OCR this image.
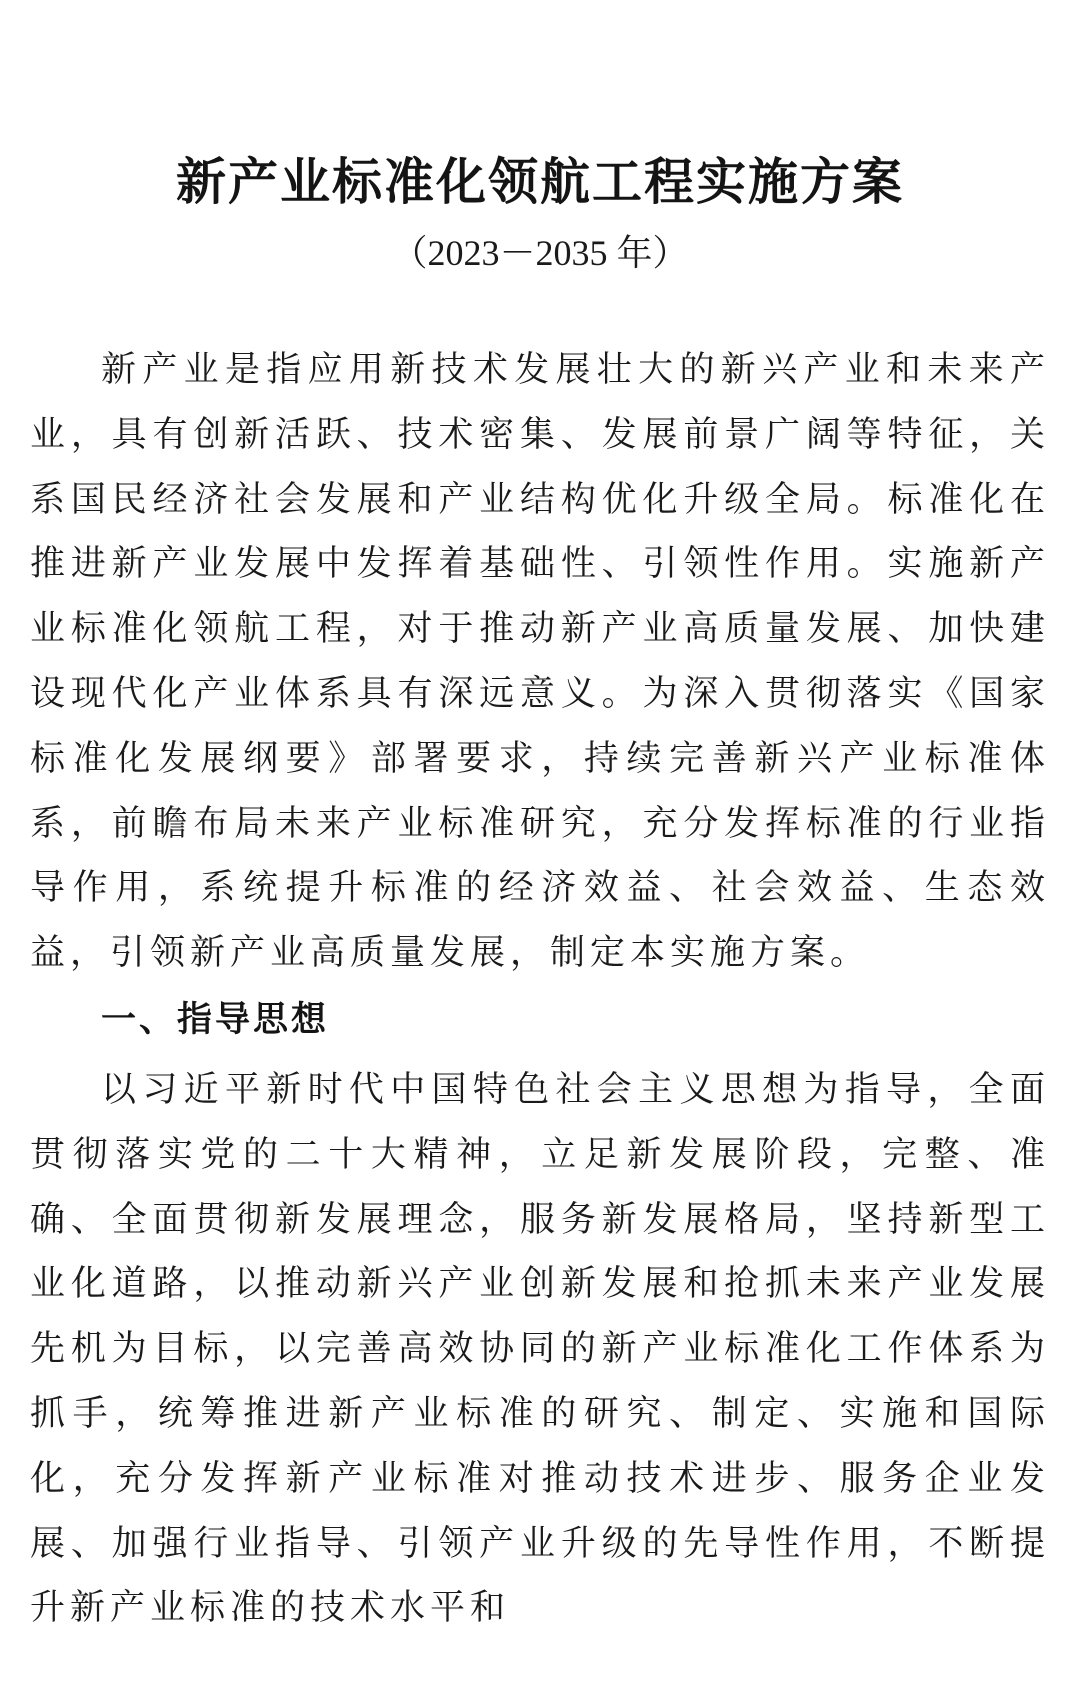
新产业标准化领航工程实施方案
（2023－2035 年）
新产业是指应用新技术发展壮大的新兴产业和未来产业，具有创新活跃、技术密集、发展前景广阔等特征，关系国民经济社会发展和产业结构优化升级全局。标准化在推进新产业发展中发挥着基础性、引领性作用。实施新产业标准化领航工程，对于推动新产业高质量发展、加快建设现代化产业体系具有深远意义。为深入贯彻落实《国家标准化发展纲要》部署要求，持续完善新兴产业标准体系，前瞻布局未来产业标准研究，充分发挥标准的行业指导作用，系统提升标准的经济效益、社会效益、生态效益，引领新产业高质量发展，制定本实施方案。
一、指导思想
以习近平新时代中国特色社会主义思想为指导，全面贯彻落实党的二十大精神，立足新发展阶段，完整、准确、全面贯彻新发展理念，服务新发展格局，坚持新型工业化道路，以推动新兴产业创新发展和抢抓未来产业发展先机为目标，以完善高效协同的新产业标准化工作体系为抓手，统筹推进新产业标准的研究、制定、实施和国际化，充分发挥新产业标准对推动技术进步、服务企业发展、加强行业指导、引领产业升级的先导性作用，不断提升新产业标准的技术水平和
